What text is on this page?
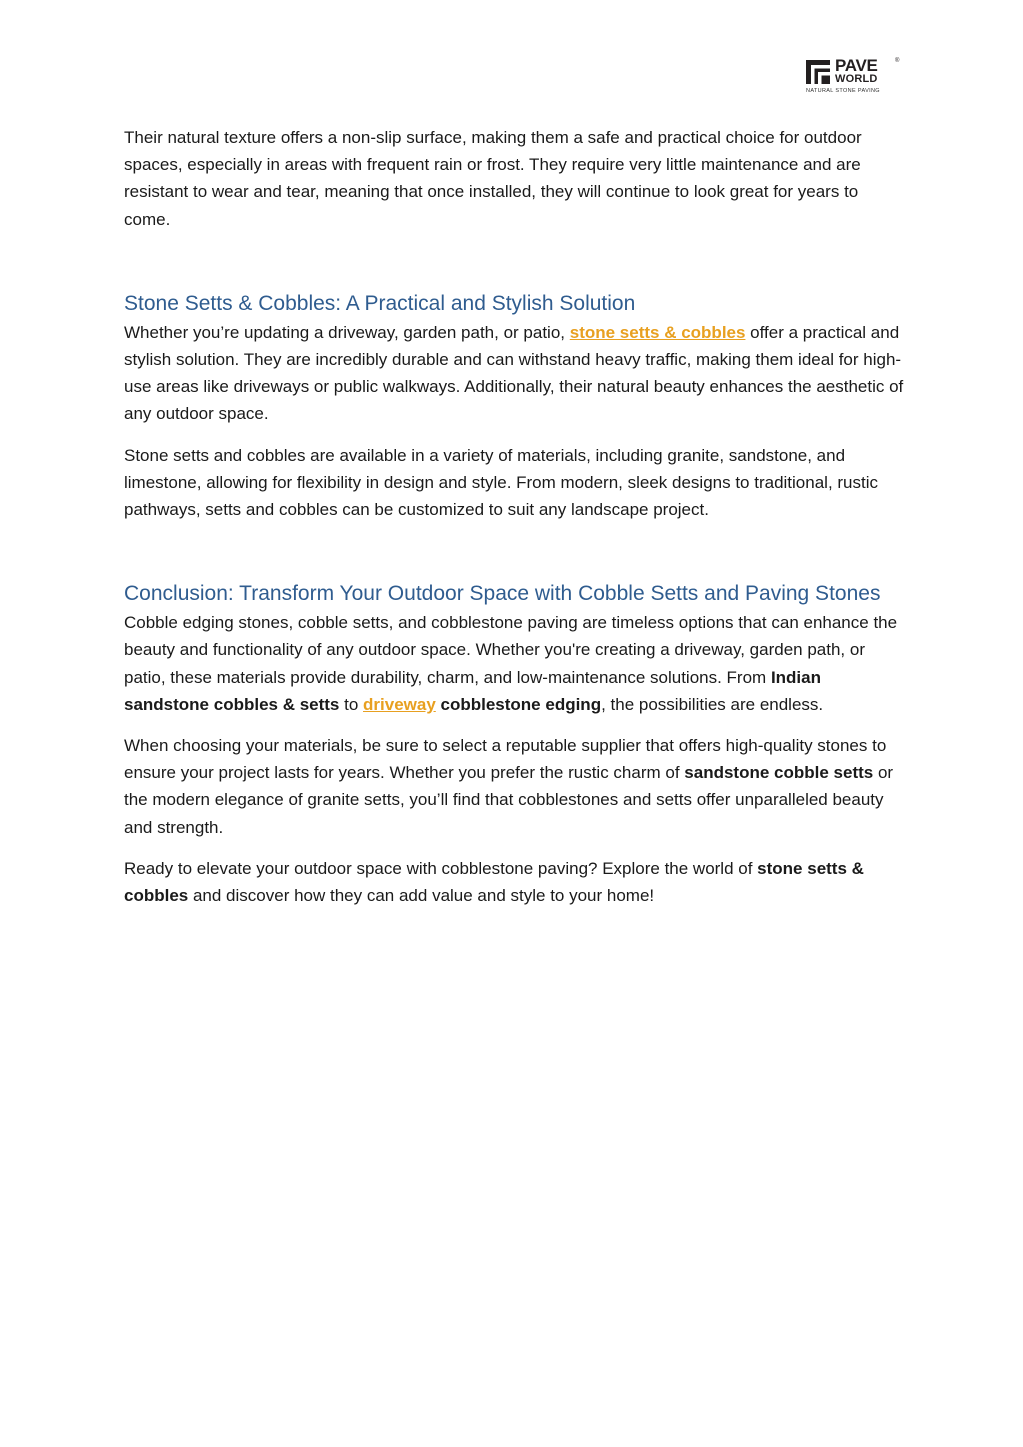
PAVE	®
WORLD
NATURAL STONE PAVING

Their natural texture offers a non-slip surface, making them a safe and practical choice for outdoor spaces, especially in areas with frequent rain or frost. They require very little maintenance and are resistant to wear and tear, meaning that once installed, they will continue to look great for years to come.

Stone Setts & Cobbles: A Practical and Stylish Solution

Whether you’re updating a driveway, garden path, or patio, stone setts & cobbles offer a practical and stylish solution. They are incredibly durable and can withstand heavy traffic, making them ideal for high-use areas like driveways or public walkways. Additionally, their natural beauty enhances the aesthetic of any outdoor space.

Stone setts and cobbles are available in a variety of materials, including granite, sandstone, and limestone, allowing for flexibility in design and style. From modern, sleek designs to traditional, rustic pathways, setts and cobbles can be customized to suit any landscape project.

Conclusion: Transform Your Outdoor Space with Cobble Setts and Paving Stones

Cobble edging stones, cobble setts, and cobblestone paving are timeless options that can enhance the beauty and functionality of any outdoor space. Whether you're creating a driveway, garden path, or patio, these materials provide durability, charm, and low-maintenance solutions. From Indian sandstone cobbles & setts to driveway cobblestone edging, the possibilities are endless.

When choosing your materials, be sure to select a reputable supplier that offers high-quality stones to ensure your project lasts for years. Whether you prefer the rustic charm of sandstone cobble setts or the modern elegance of granite setts, you’ll find that cobblestones and setts offer unparalleled beauty and strength.

Ready to elevate your outdoor space with cobblestone paving? Explore the world of stone setts & cobbles and discover how they can add value and style to your home!
